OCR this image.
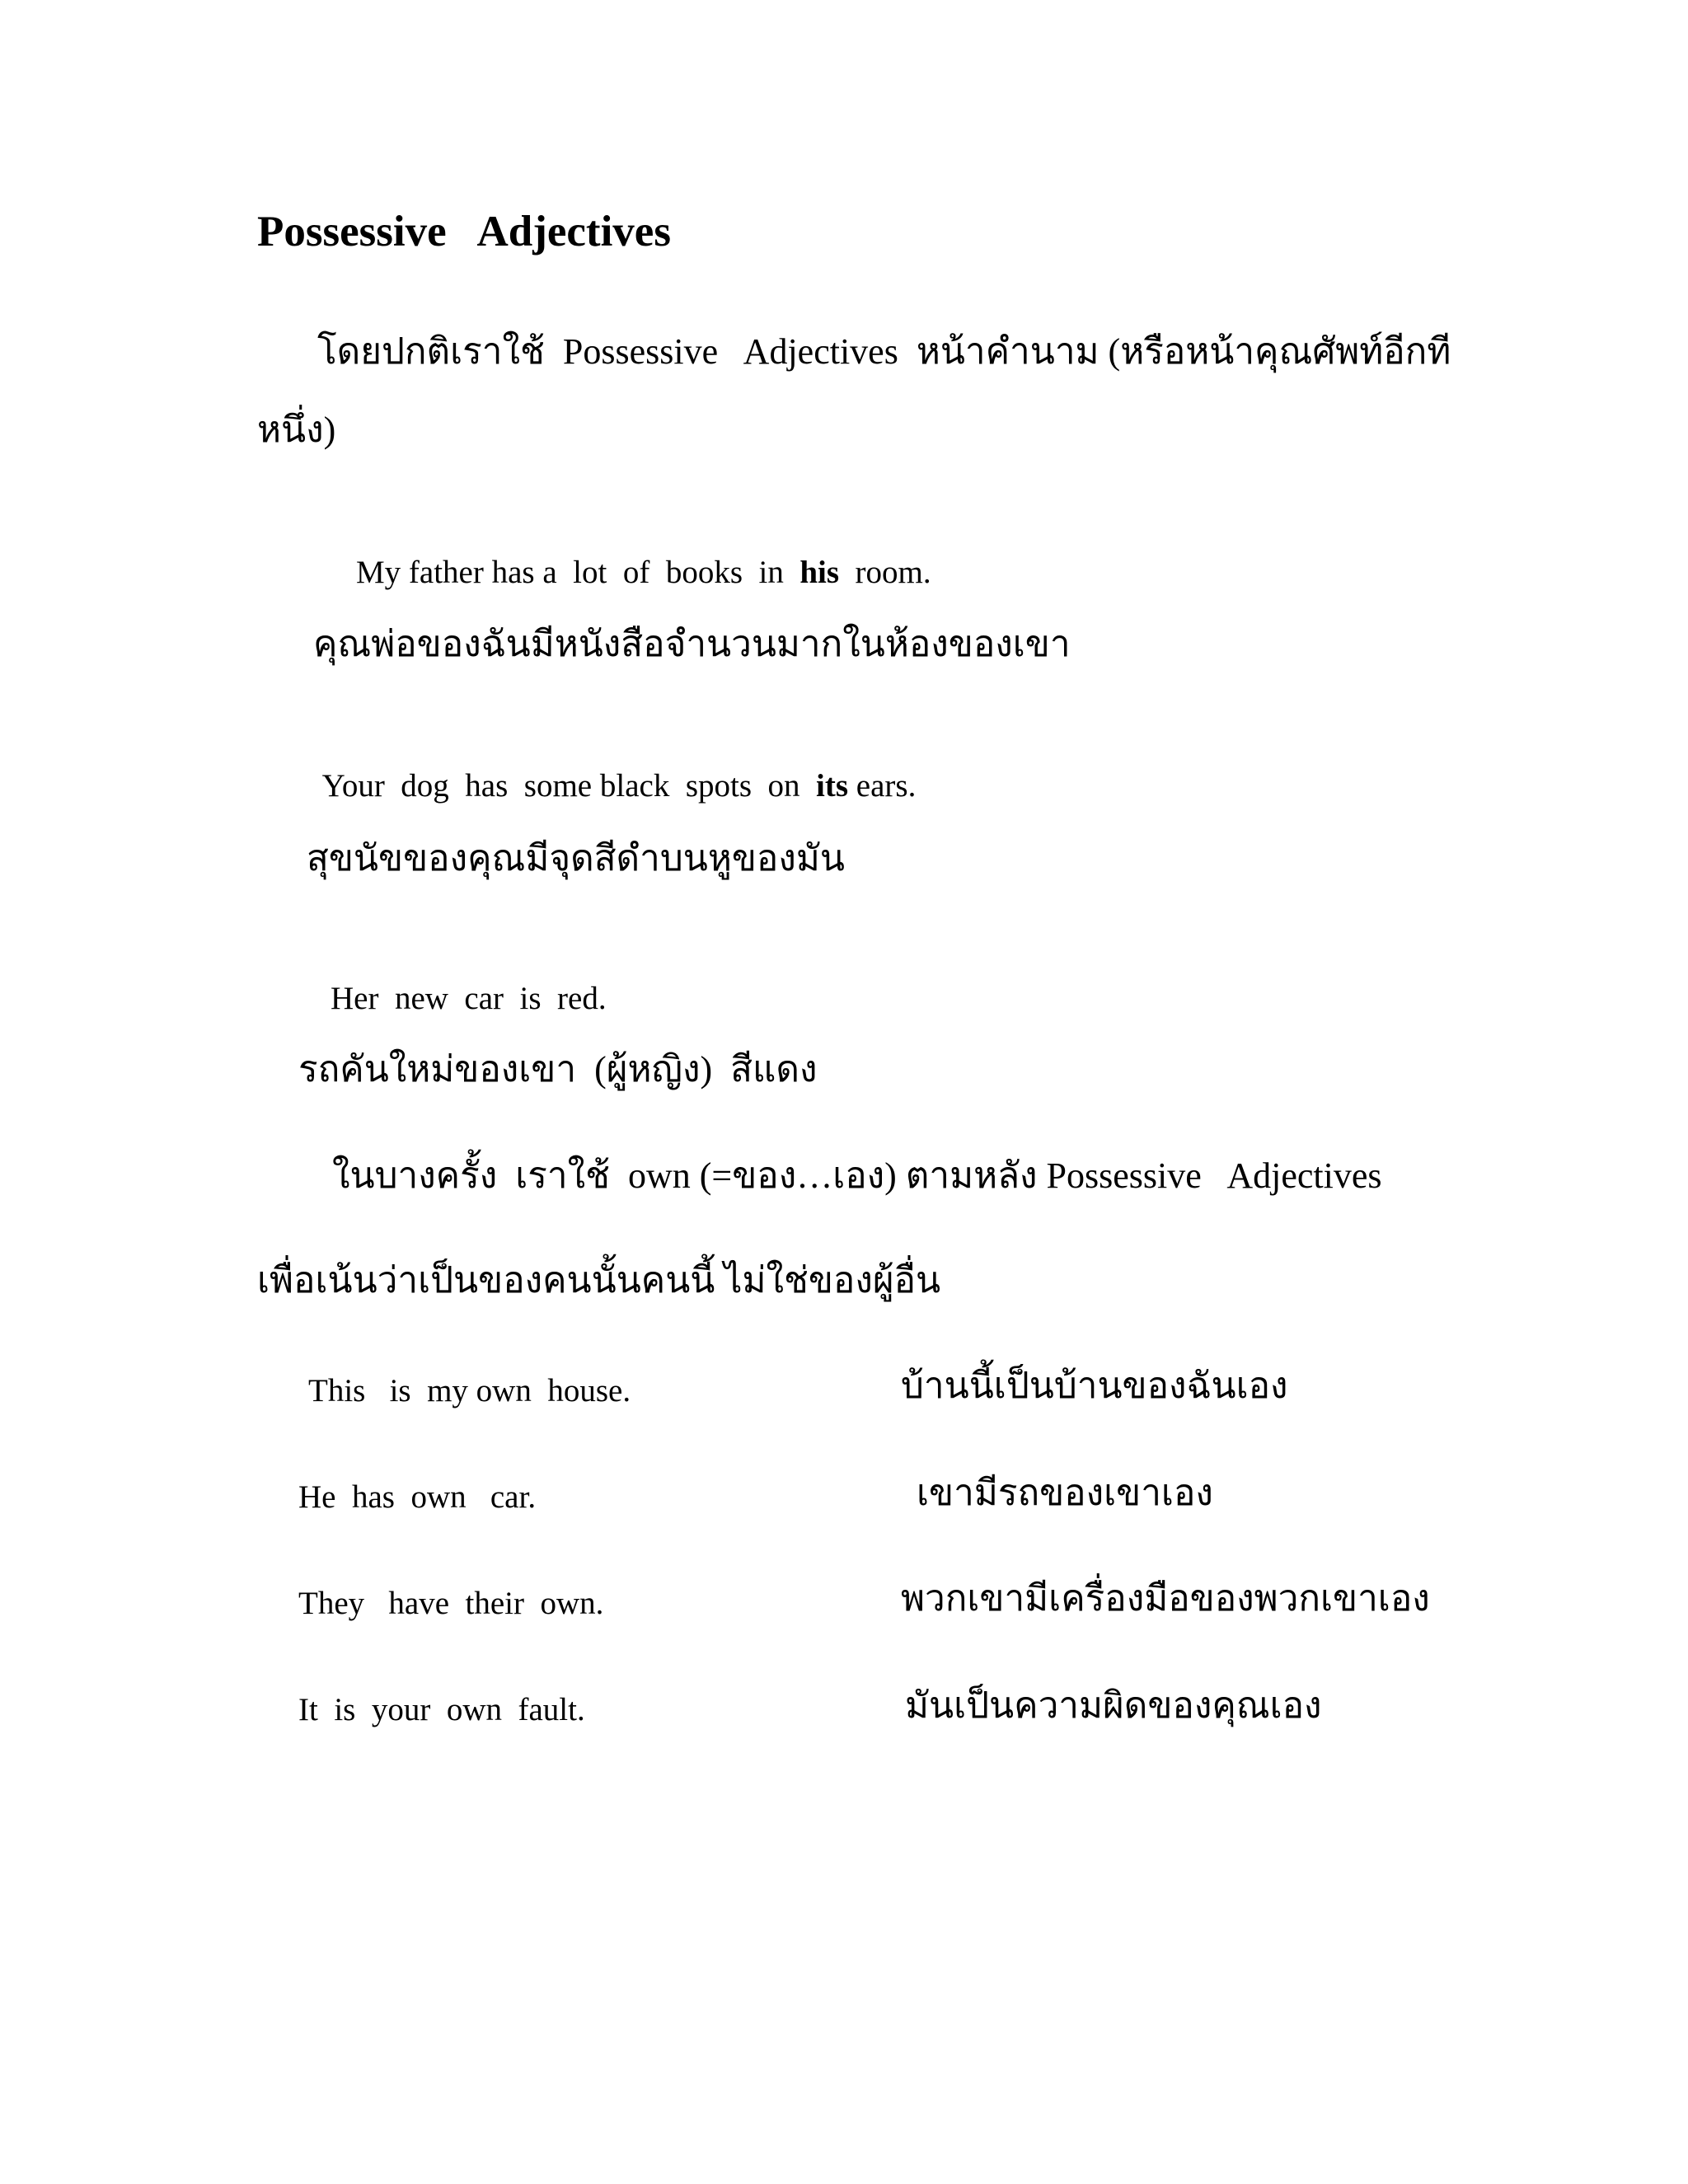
Possessive   Adjectives
โดยปกติเราใช้  Possessive   Adjectives  หน้าคำนาม (หรือหน้าคุณศัพท์อีกที
หนึ่ง)

My father has a  lot  of  books  in  his  room.

คุณพ่อของฉันมีหนังสือจำนวนมากในห้องของเขา

Your  dog  has  some black  spots  on  its ears.

สุขนัขของคุณมีจุดสีดำบนหูของมัน

Her  new  car  is  red.

รถคันใหม่ของเขา  (ผู้หญิง)  สีแดง
ในบางครั้ง  เราใช้  own (=ของ…เอง) ตามหลัง Possessive   Adjectives
เพื่อเน้นว่าเป็นของคนนั้นคนนี้ ไม่ใช่ของผู้อื่น
This   is  my own  house.	บ้านนี้เป็นบ้านของฉันเอง
He  has  own   car.	เขามีรถของเขาเอง
They   have  their  own.	พวกเขามีเครื่องมือของพวกเขาเอง
It  is  your  own  fault.	มันเป็นความผิดของคุณเอง
